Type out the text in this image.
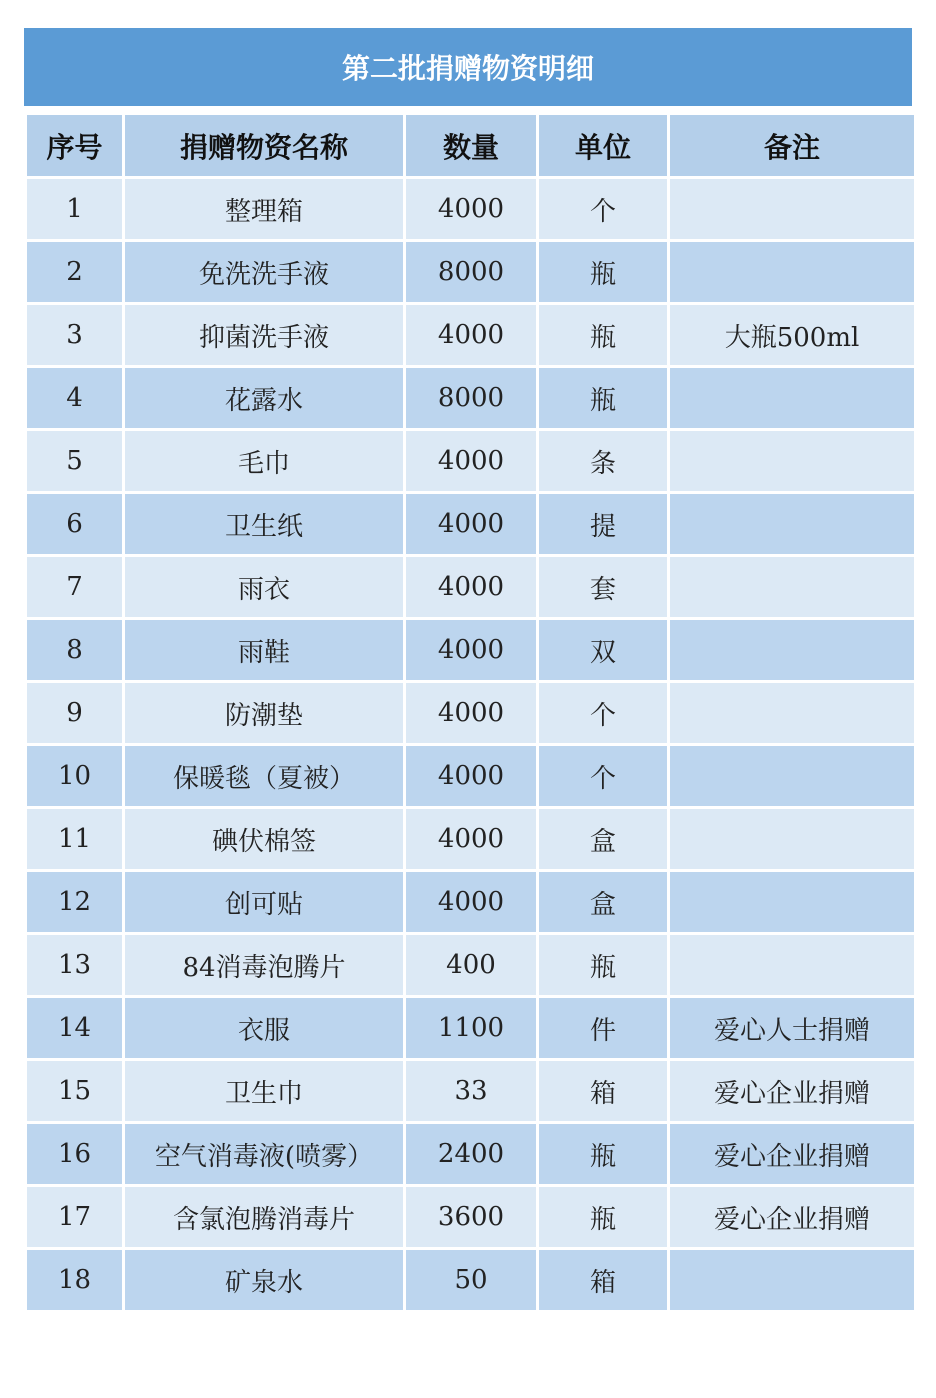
第二批捐赠物资明细
序号	捐赠物资名称	数量	单位	备注
1	整理箱	4000	个	
2	免洗洗手液	8000	瓶	
3	抑菌洗手液	4000	瓶	大瓶500ml
4	花露水	8000	瓶	
5	毛巾	4000	条	
6	卫生纸	4000	提	
7	雨衣	4000	套	
8	雨鞋	4000	双	
9	防潮垫	4000	个	
10	保暖毯（夏被）	4000	个	
11	碘伏棉签	4000	盒	
12	创可贴	4000	盒	
13	84消毒泡腾片	400	瓶	
14	衣服	1100	件	爱心人士捐赠
15	卫生巾	33	箱	爱心企业捐赠
16	空气消毒液(喷雾）	2400	瓶	爱心企业捐赠
17	含氯泡腾消毒片	3600	瓶	爱心企业捐赠
18	矿泉水	50	箱	
